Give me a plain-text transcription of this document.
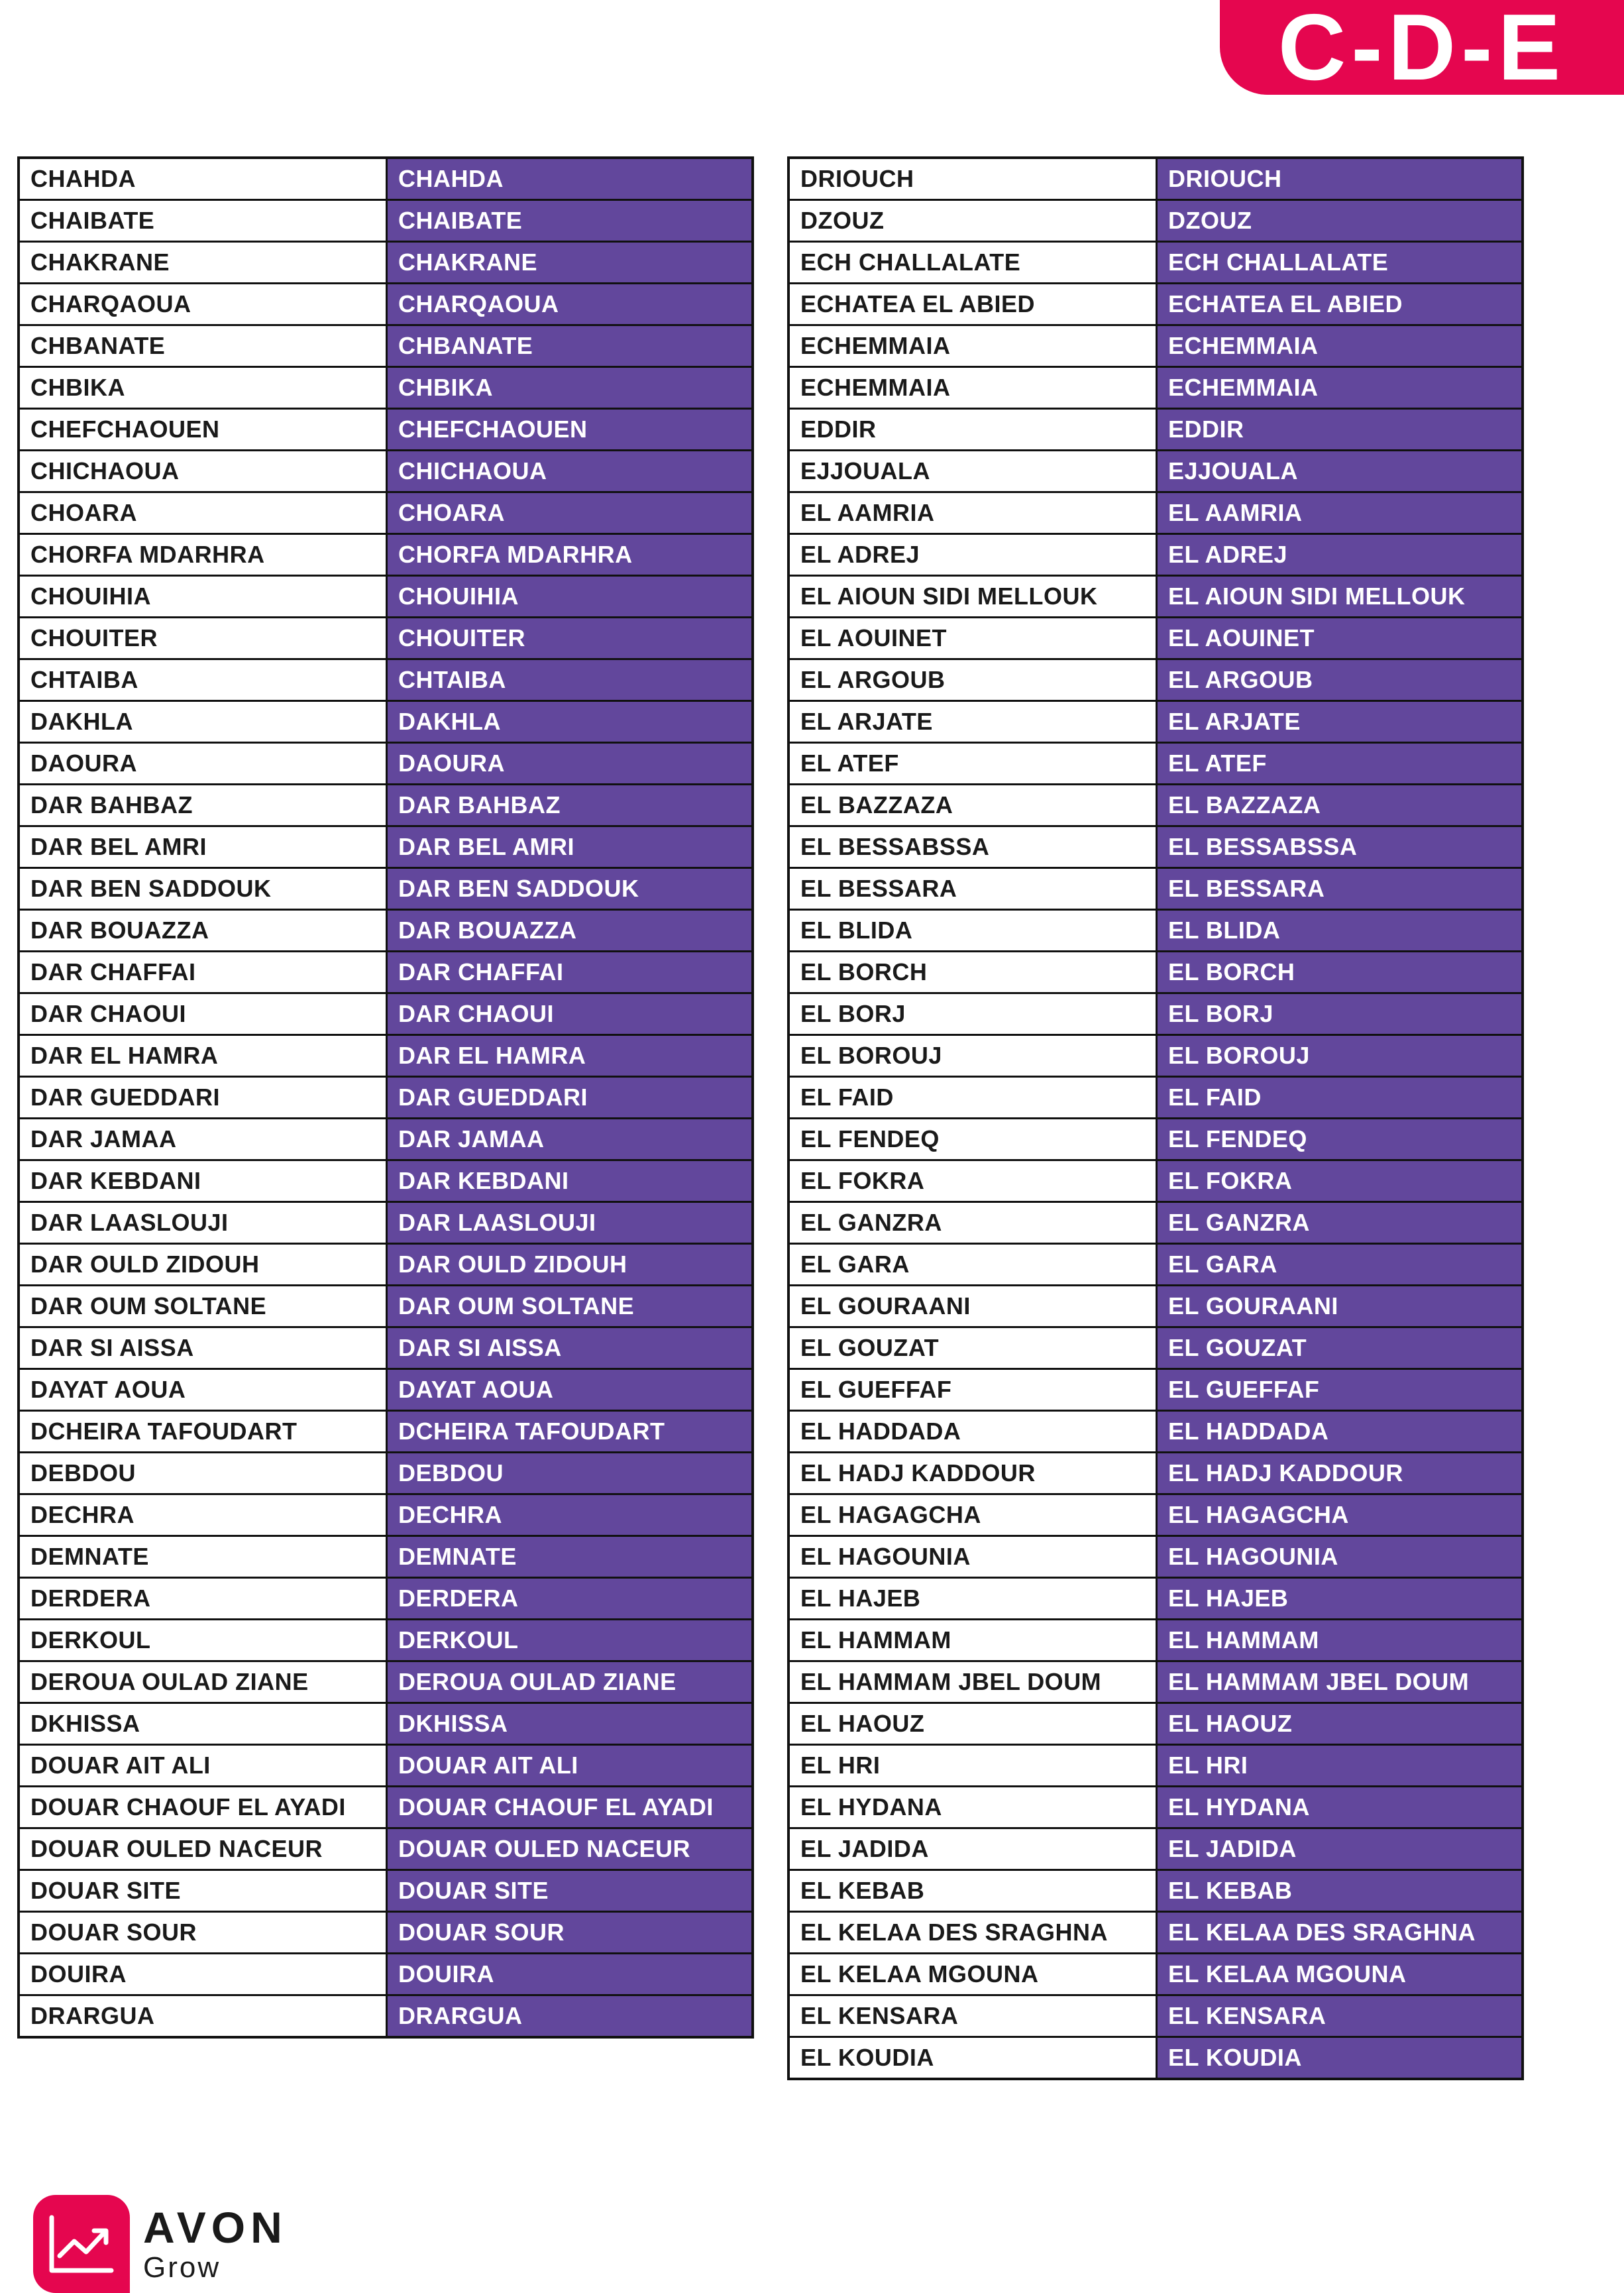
C-D-E
CHAHDA	CHAHDA
CHAIBATE	CHAIBATE
CHAKRANE	CHAKRANE
CHARQAOUA	CHARQAOUA
CHBANATE	CHBANATE
CHBIKA	CHBIKA
CHEFCHAOUEN	CHEFCHAOUEN
CHICHAOUA	CHICHAOUA
CHOARA	CHOARA
CHORFA MDARHRA	CHORFA MDARHRA
CHOUIHIA	CHOUIHIA
CHOUITER	CHOUITER
CHTAIBA	CHTAIBA
DAKHLA	DAKHLA
DAOURA	DAOURA
DAR BAHBAZ	DAR BAHBAZ
DAR BEL AMRI	DAR BEL AMRI
DAR BEN SADDOUK	DAR BEN SADDOUK
DAR BOUAZZA	DAR BOUAZZA
DAR CHAFFAI	DAR CHAFFAI
DAR CHAOUI	DAR CHAOUI
DAR EL HAMRA	DAR EL HAMRA
DAR GUEDDARI	DAR GUEDDARI
DAR JAMAA	DAR JAMAA
DAR KEBDANI	DAR KEBDANI
DAR LAASLOUJI	DAR LAASLOUJI
DAR OULD ZIDOUH	DAR OULD ZIDOUH
DAR OUM SOLTANE	DAR OUM SOLTANE
DAR SI AISSA	DAR SI AISSA
DAYAT AOUA	DAYAT AOUA
DCHEIRA TAFOUDART	DCHEIRA TAFOUDART
DEBDOU	DEBDOU
DECHRA	DECHRA
DEMNATE	DEMNATE
DERDERA	DERDERA
DERKOUL	DERKOUL
DEROUA OULAD ZIANE	DEROUA OULAD ZIANE
DKHISSA	DKHISSA
DOUAR AIT ALI	DOUAR AIT ALI
DOUAR CHAOUF EL AYADI	DOUAR CHAOUF EL AYADI
DOUAR OULED NACEUR	DOUAR OULED NACEUR
DOUAR SITE	DOUAR SITE
DOUAR SOUR	DOUAR SOUR
DOUIRA	DOUIRA
DRARGUA	DRARGUA
DRIOUCH	DRIOUCH
DZOUZ	DZOUZ
ECH CHALLALATE	ECH CHALLALATE
ECHATEA EL ABIED	ECHATEA EL ABIED
ECHEMMAIA	ECHEMMAIA
ECHEMMAIA	ECHEMMAIA
EDDIR	EDDIR
EJJOUALA	EJJOUALA
EL AAMRIA	EL AAMRIA
EL ADREJ	EL ADREJ
EL AIOUN SIDI MELLOUK	EL AIOUN SIDI MELLOUK
EL AOUINET	EL AOUINET
EL ARGOUB	EL ARGOUB
EL ARJATE	EL ARJATE
EL ATEF	EL ATEF
EL BAZZAZA	EL BAZZAZA
EL BESSABSSA	EL BESSABSSA
EL BESSARA	EL BESSARA
EL BLIDA	EL BLIDA
EL BORCH	EL BORCH
EL BORJ	EL BORJ
EL BOROUJ	EL BOROUJ
EL FAID	EL FAID
EL FENDEQ	EL FENDEQ
EL FOKRA	EL FOKRA
EL GANZRA	EL GANZRA
EL GARA	EL GARA
EL GOURAANI	EL GOURAANI
EL GOUZAT	EL GOUZAT
EL GUEFFAF	EL GUEFFAF
EL HADDADA	EL HADDADA
EL HADJ KADDOUR	EL HADJ KADDOUR
EL HAGAGCHA	EL HAGAGCHA
EL HAGOUNIA	EL HAGOUNIA
EL HAJEB	EL HAJEB
EL HAMMAM	EL HAMMAM
EL HAMMAM JBEL DOUM	EL HAMMAM JBEL DOUM
EL HAOUZ	EL HAOUZ
EL HRI	EL HRI
EL HYDANA	EL HYDANA
EL JADIDA	EL JADIDA
EL KEBAB	EL KEBAB
EL KELAA DES SRAGHNA	EL KELAA DES SRAGHNA
EL KELAA MGOUNA	EL KELAA MGOUNA
EL KENSARA	EL KENSARA
EL KOUDIA	EL KOUDIA
AVON
Grow
